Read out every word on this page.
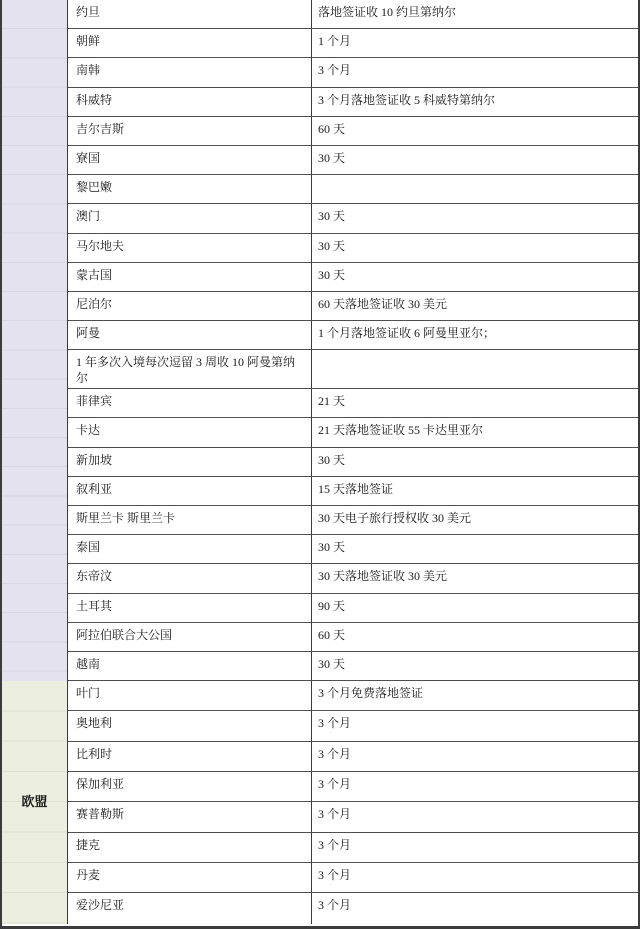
约旦	落地签证收 10 约旦第纳尔
朝鲜	1 个月
南韩	3 个月
科威特	3 个月落地签证收 5 科威特第纳尔
吉尔吉斯	60 天
寮国	30 天
黎巴嫩
澳门	30 天
马尔地夫	30 天
蒙古国	30 天
尼泊尔	60 天落地签证收 30 美元
阿曼	1 个月落地签证收 6 阿曼里亚尔；
1 年多次入境每次逗留 3 周收 10 阿曼第纳尔
菲律宾	21 天
卡达	21 天落地签证收 55 卡达里亚尔
新加坡	30 天
叙利亚	15 天落地签证
斯里兰卡 斯里兰卡	30 天电子旅行授权收 30 美元
泰国	30 天
东帝汶	30 天落地签证收 30 美元
土耳其	90 天
阿拉伯联合大公国	60 天
越南	30 天
欧盟
叶门	3 个月免费落地签证
奥地利	3 个月
比利时	3 个月
保加利亚	3 个月
赛普勒斯	3 个月
捷克	3 个月
丹麦	3 个月
爱沙尼亚	3 个月
